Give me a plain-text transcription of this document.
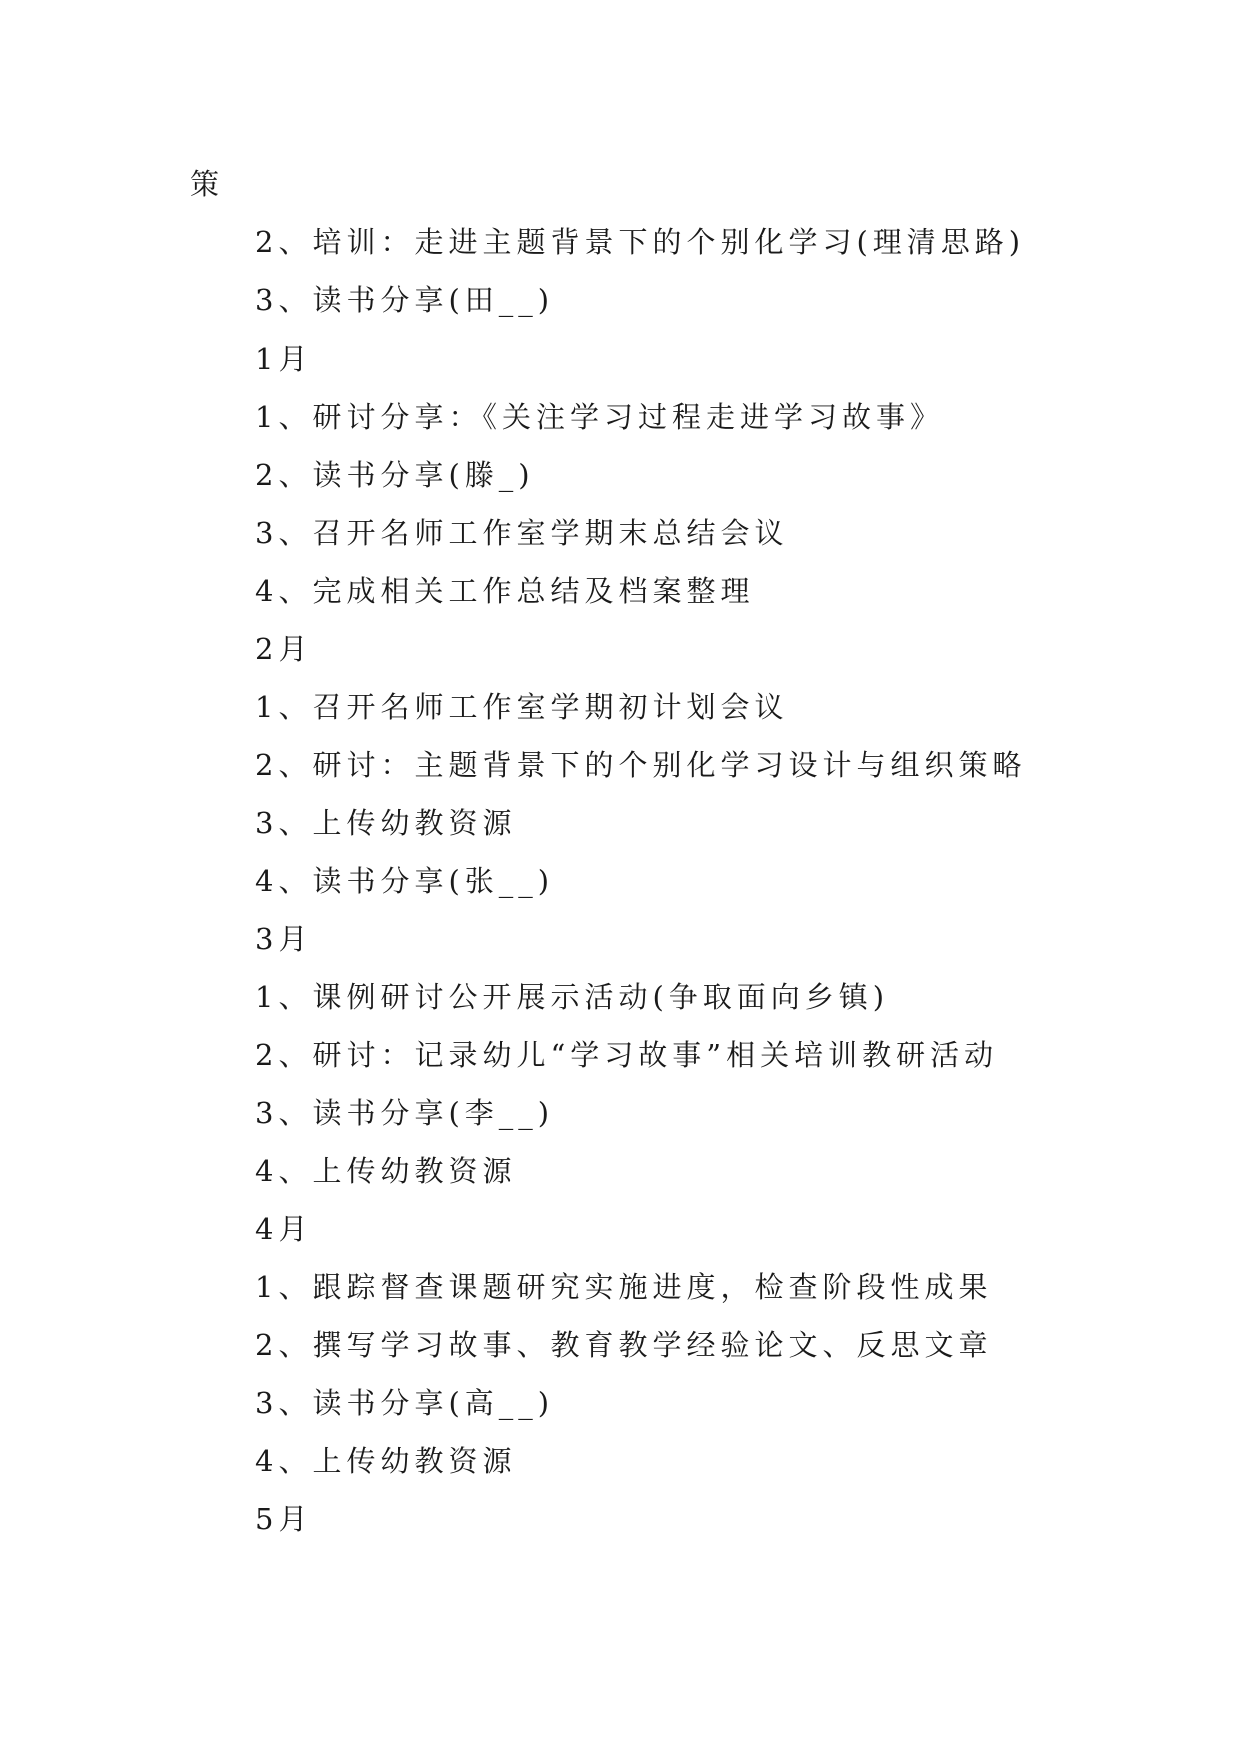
策
2、培训：走进主题背景下的个别化学习(理清思路)
3、读书分享(田__)
1月
1、研讨分享：《关注学习过程走进学习故事》
2、读书分享(滕_)
3、召开名师工作室学期末总结会议
4、完成相关工作总结及档案整理
2月
1、召开名师工作室学期初计划会议
2、研讨：主题背景下的个别化学习设计与组织策略
3、上传幼教资源
4、读书分享(张__)
3月
1、课例研讨公开展示活动(争取面向乡镇)
2、研讨：记录幼儿“学习故事”相关培训教研活动
3、读书分享(李__)
4、上传幼教资源
4月
1、跟踪督查课题研究实施进度，检查阶段性成果
2、撰写学习故事、教育教学经验论文、反思文章
3、读书分享(高__)
4、上传幼教资源
5月
